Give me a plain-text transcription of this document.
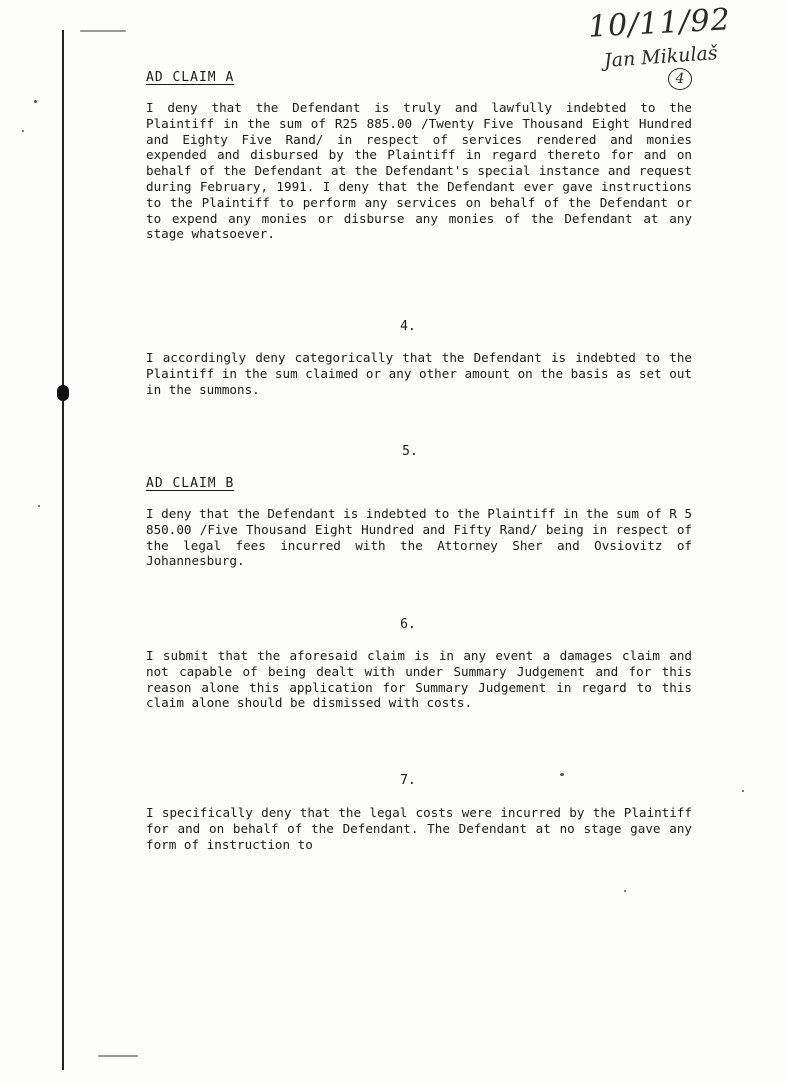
10/11/92
Jan Mikulaš
4
AD CLAIM A
I deny that the Defendant is truly and lawfully indebted to the Plaintiff in the sum of R25 885.00 /Twenty Five Thousand Eight Hundred and Eighty Five Rand/ in respect of services rendered and monies expended and disbursed by the Plaintiff in regard thereto for and on behalf of the Defendant at the Defendant's special instance and request during February, 1991. I deny that the Defendant ever gave instructions to the Plaintiff to perform any services on behalf of the Defendant or to expend any monies or disburse any monies of the Defendant at any stage whatsoever.
4.
I accordingly deny categorically that the Defendant is indebted to the Plaintiff in the sum claimed or any other amount on the basis as set out in the summons.
5.
AD CLAIM B
I deny that the Defendant is indebted to the Plaintiff in the sum of R 5 850.00 /Five Thousand Eight Hundred and Fifty Rand/ being in respect of the legal fees incurred with the Attorney Sher and Ovsiovitz of Johannesburg.
6.
I submit that the aforesaid claim is in any event a damages claim and not capable of being dealt with under Summary Judgement and for this reason alone this application for Summary Judgement in regard to this claim alone should be dismissed with costs.
7.
I specifically deny that the legal costs were incurred by the Plaintiff for and on behalf of the Defendant. The Defendant at no stage gave any form of instruction to
